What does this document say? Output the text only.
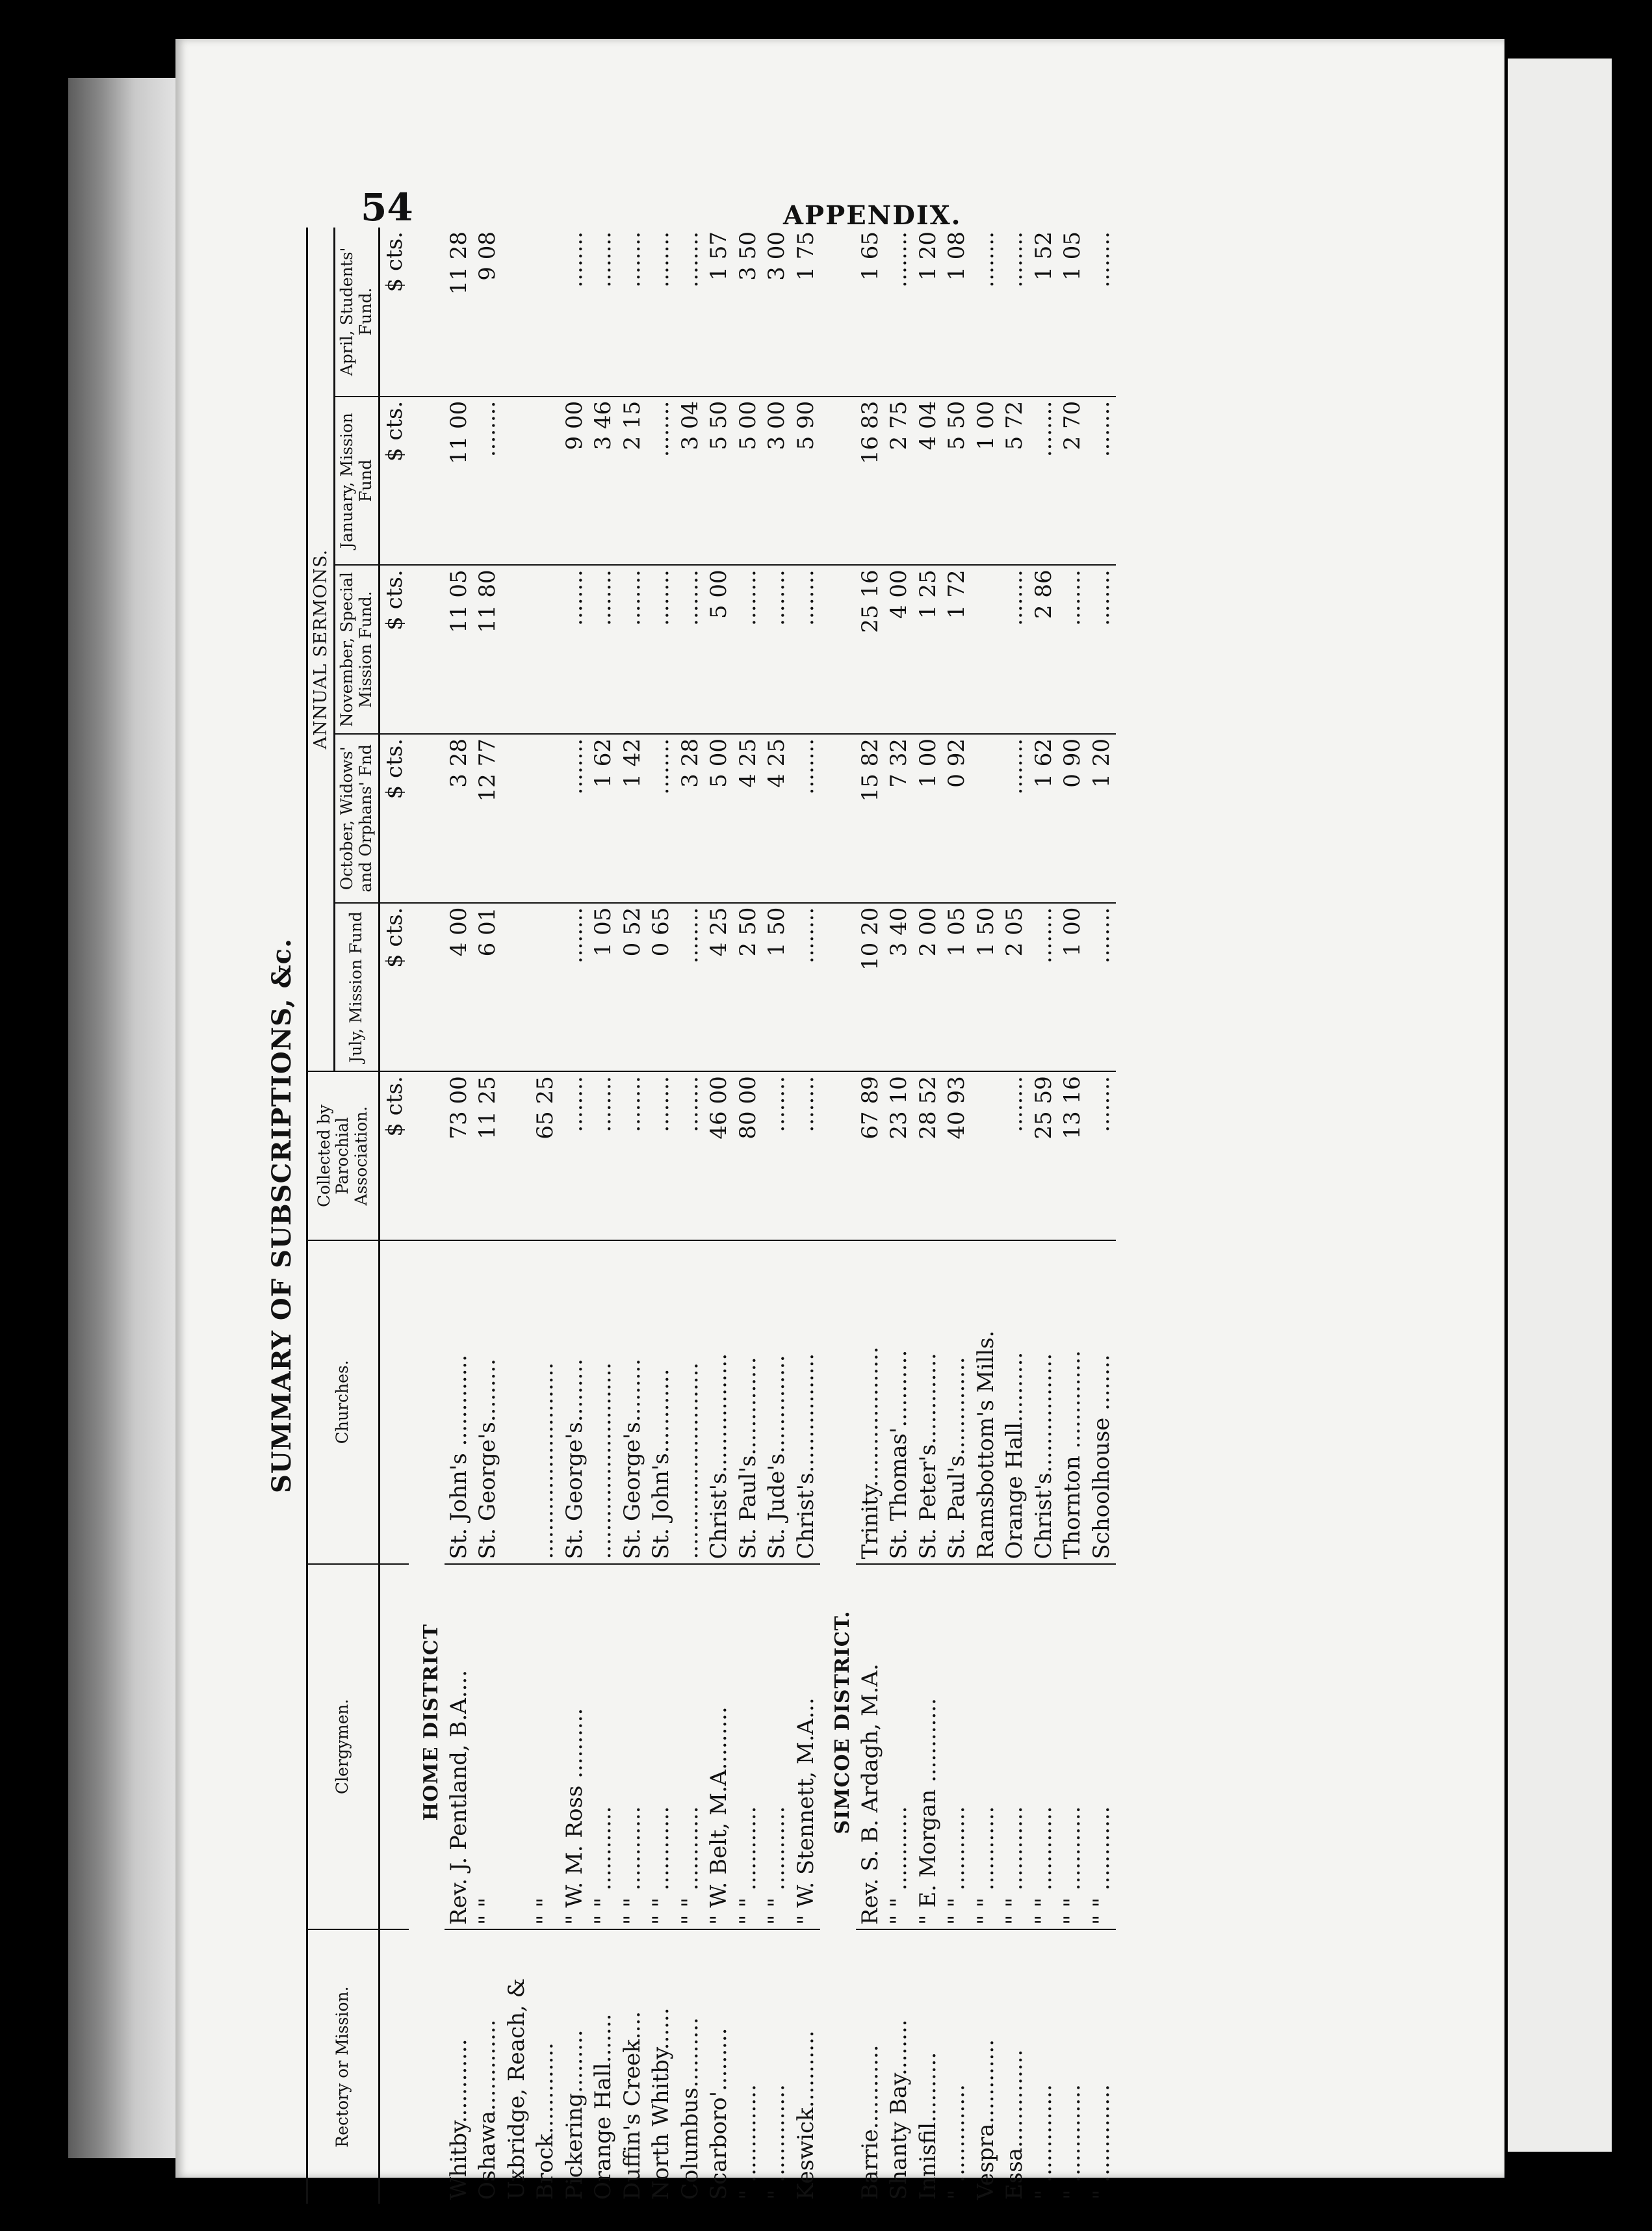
54	APPENDIX.
SUMMARY OF SUBSCRIPTIONS, &c.
Rectory or Mission.	Clergymen.	Churches.	Collected by Parochial Association.	ANNUAL SERMONS.				
				July, Mission Fund	October, Widows' and Orphans' Fnd	November, Special Mission Fund.	January, Mission Fund	April, Students' Fund.
			$ cts.	$ cts.	$ cts.	$ cts.	$ cts.	$ cts.
HOME DISTRICT								
Whitby............	Rev. J. Pentland, B.A....	St. John's .............	73 00	4 00	3 28	11 05	11 00	11 28
Oshawa.............	" "	St. George's.........	11 25	6 01	12 77	11 80	........	9 08
Uxbridge, Reach, &								
Brock.............	" "	............................	65 25					
Pickering.........	" W. M. Ross ..........	St. George's.........	........	........	........	........	9 00	........
Orange Hall.......	" " ............	............................	........	1 05	1 62	........	3 46	........
Duffin's Creek....	" " ............	St. George's.........	........	0 52	1 42	........	2 15	........
North Whitby......	" " ............	St. John's............	........	0 65	........	........	........	........
Columbus..........	" " ............	............................	........	........	3 28	........	3 04	........
Scarboro'.........	" W. Belt, M.A.........	Christ's.................	46 00	4 25	5 00	5 00	5 50	1 57
" ..............	" " ............	St. Paul's..............	80 00	2 50	4 25	........	5 00	3 50
" ..............	" " ............	St. Jude's..............	........	1 50	4 25	........	3 00	3 00
Keswick...........	" W. Stennett, M.A...	Christ's.................	........	........	........	........	5 90	1 75
SIMCOE DISTRICT.								
Barrie............	Rev. S. B. Ardagh, M.A.	Trinity....................	67 89	10 20	15 82	25 16	16 83	1 65
Shanty Bay........	" " ............	St. Thomas'...........	23 10	3 40	7 32	4 00	2 75	........
Innisfil..........	" E. Morgan ............	St. Peter's.............	28 52	2 00	1 00	1 25	4 04	1 20
" ..............	" " ............	St. Paul's..............	40 93	1 05	0 92	1 72	5 50	1 08
Vespra............	" " ............	Ramsbottom's Mills.		1 50			1 00	........
Essa..............	" " ............	Orange Hall..........	........	2 05	........	........	5 72	........
" ..............	" " ............	Christ's.................	25 59	........	1 62	2 86	........	1 52
" ..............	" " ............	Thornton ..............	13 16	1 00	0 90	........	2 70	1 05
" ..............	" " ............	Schoolhouse ........	........	........	1 20	........	........	........
